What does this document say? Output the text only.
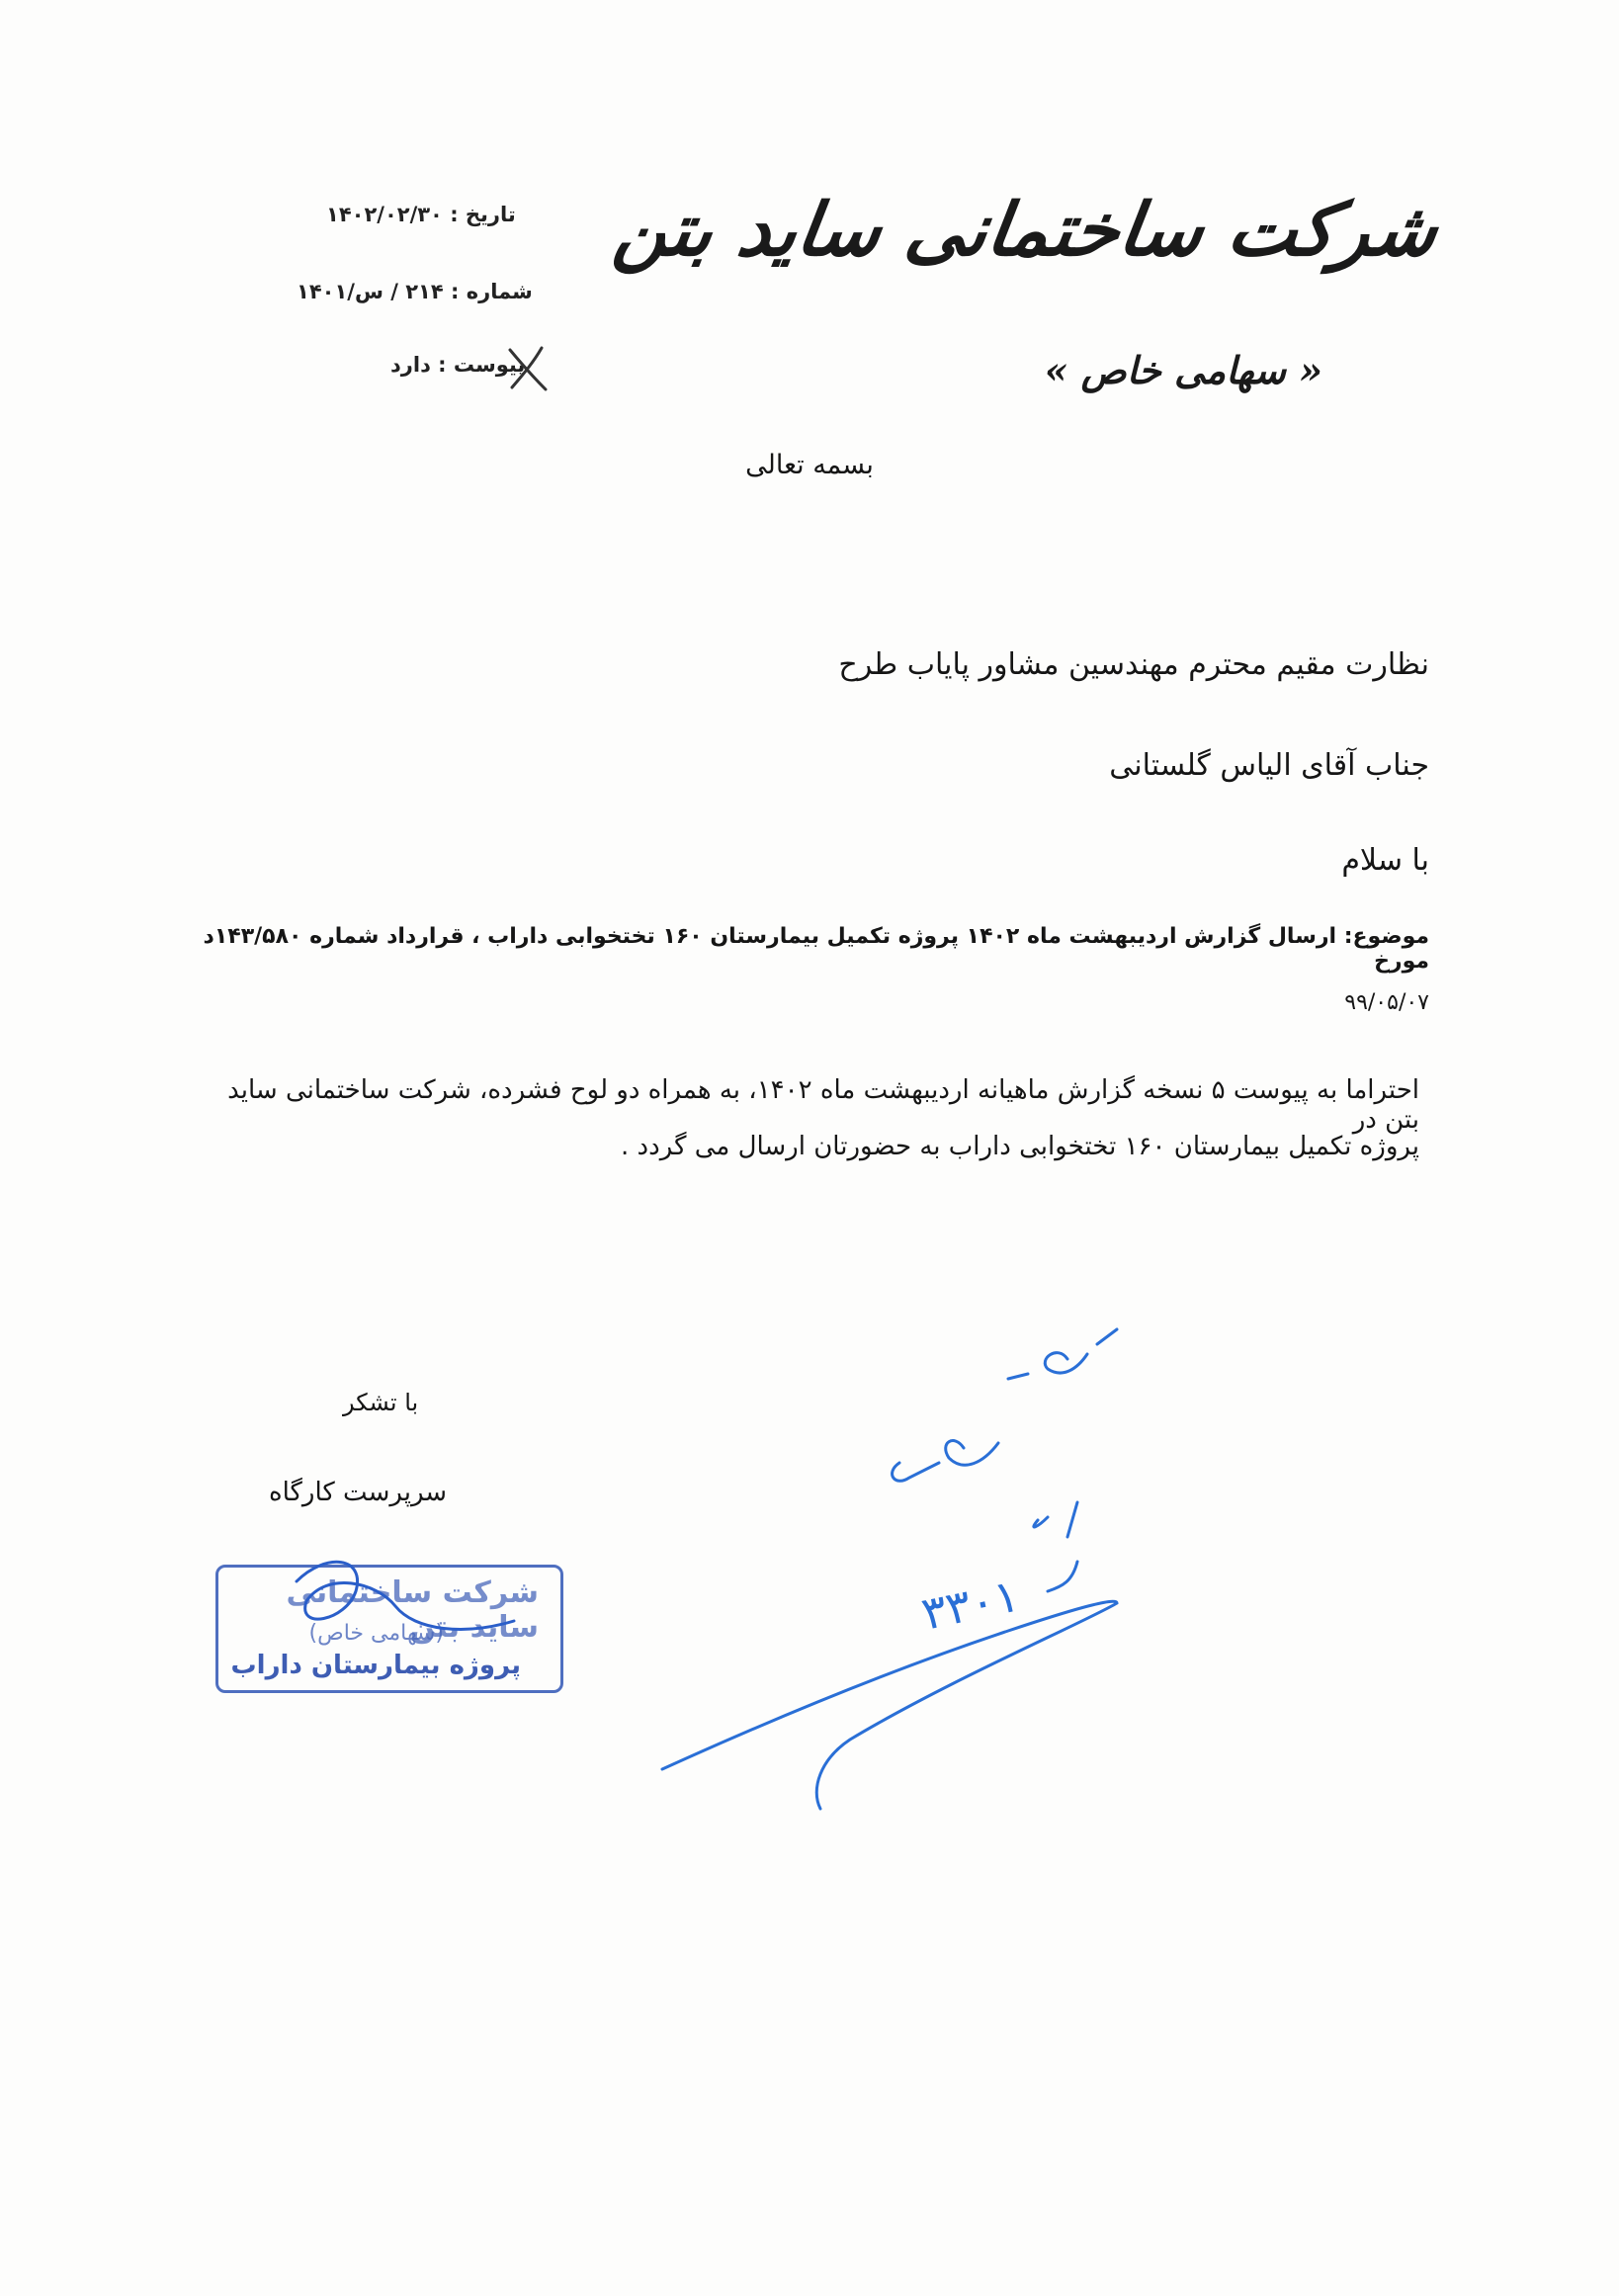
شرکت ساختمانی ساید بتن
« سهامی خاص »
تاریخ : ۱۴۰۲/۰۲/۳۰
شماره : ۲۱۴ / س/۱۴۰۱
پیوست : دارد
بسمه تعالی
نظارت مقیم محترم مهندسین مشاور پایاب طرح
جناب آقای الیاس گلستانی
با سلام
موضوع: ارسال گزارش اردیبهشت ماه ۱۴۰۲ پروژه تکمیل بیمارستان ۱۶۰ تختخوابی داراب ، قرارداد شماره ۱۴۳/۵۸۰د مورخ
۹۹/۰۵/۰۷
احتراما به پیوست ۵ نسخه گزارش ماهیانه اردیبهشت ماه ۱۴۰۲، به همراه دو لوح فشرده، شرکت ساختمانی ساید بتن در
پروژه تکمیل بیمارستان ۱۶۰ تختخوابی داراب به حضورتان ارسال می گردد .
با تشکر
سرپرست کارگاه
شرکت ساختمانی ساید بتن
(سهامی خاص)
پروژه بیمارستان داراب
۳۳۰۱
